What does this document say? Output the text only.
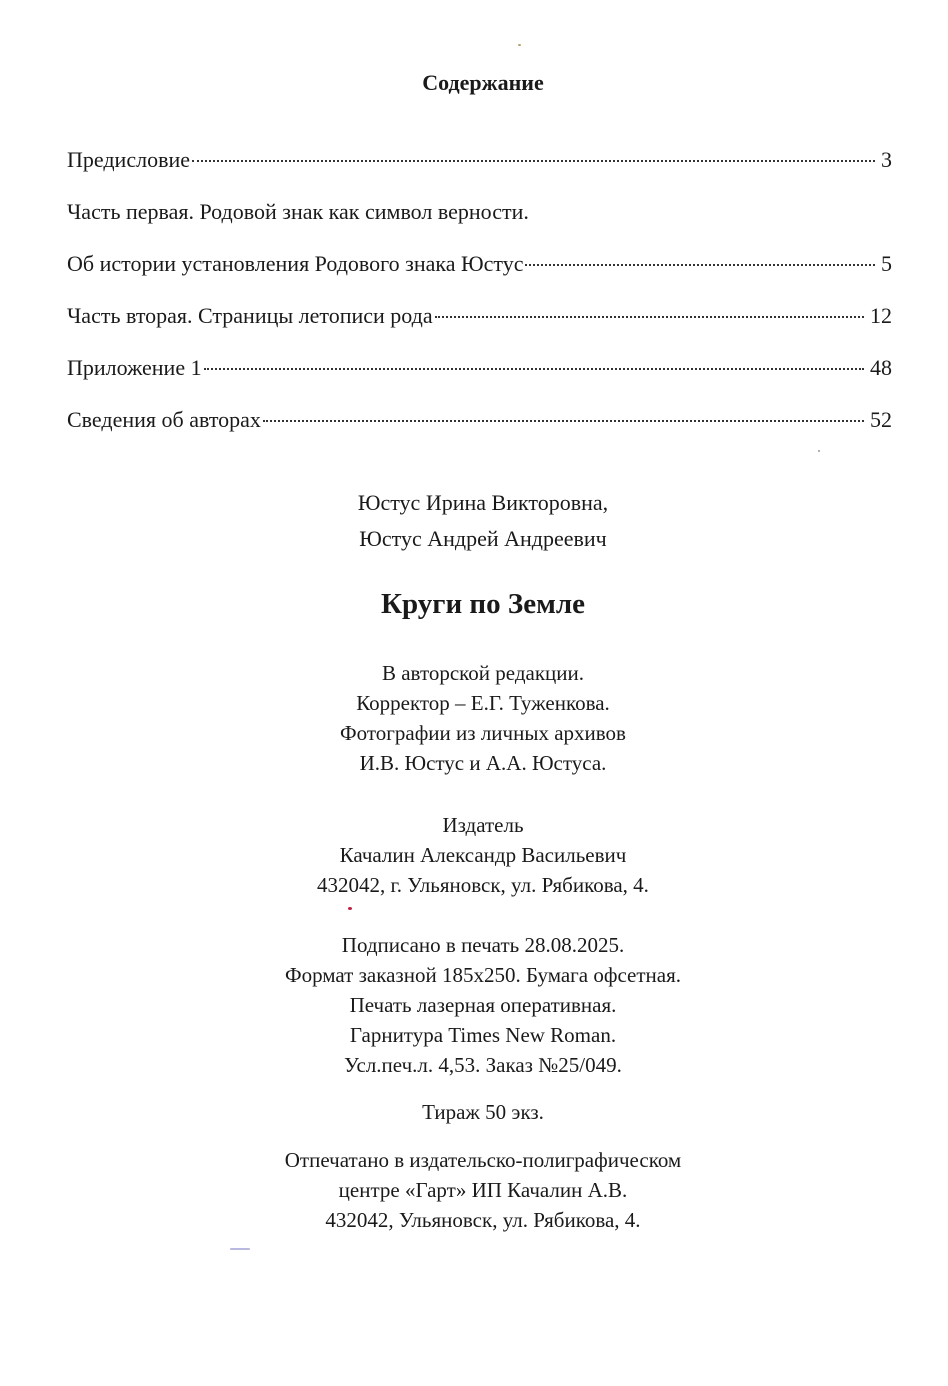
Содержание
Предисловие	3
Часть первая. Родовой знак как символ верности.
Об истории установления Родового знака Юстус	5
Часть вторая. Страницы летописи рода	12
Приложение 1	48
Сведения об авторах	52
Юстус Ирина Викторовна,
Юстус Андрей Андреевич
Круги по Земле
В авторской редакции.
Корректор – Е.Г. Туженкова.
Фотографии из личных архивов
И.В. Юстус и А.А. Юстуса.
Издатель
Качалин Александр Васильевич
432042, г. Ульяновск, ул. Рябикова, 4.
Подписано в печать 28.08.2025.
Формат заказной 185х250. Бумага офсетная.
Печать лазерная оперативная.
Гарнитура Times New Roman.
Усл.печ.л. 4,53. Заказ №25/049.
Тираж 50 экз.
Отпечатано в издательско-полиграфическом
центре «Гарт» ИП Качалин А.В.
432042, Ульяновск, ул. Рябикова, 4.
